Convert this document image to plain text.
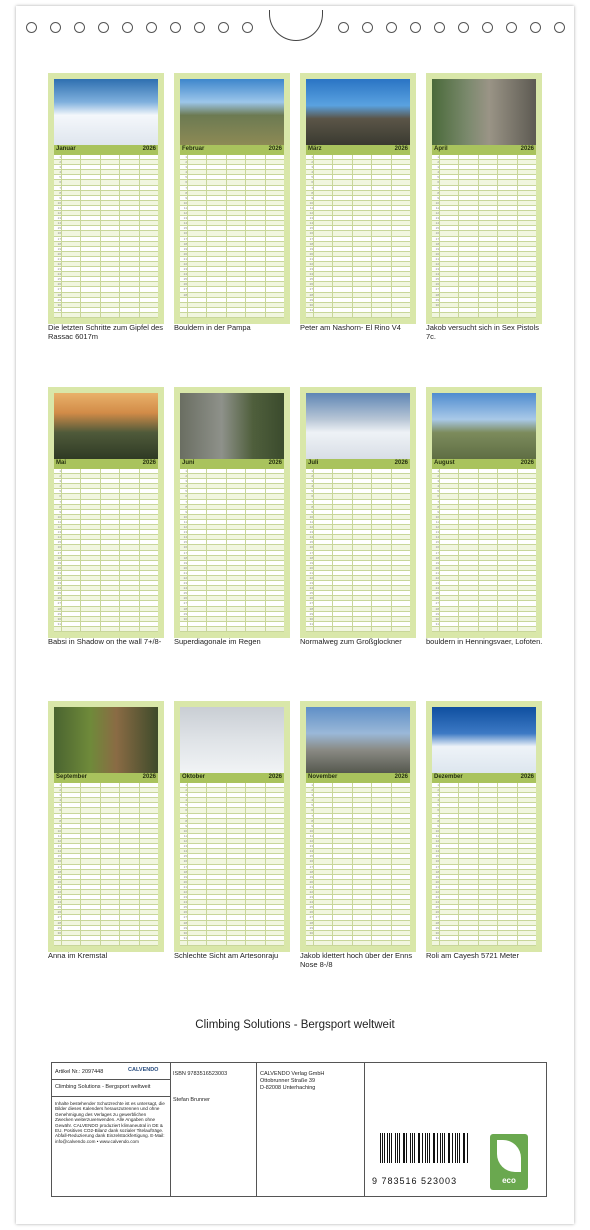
Januar	2026
1
2
3
4
5
6
7
8
9
10
11
12
13
14
15
16
17
18
19
20
21
22
23
24
25
26
27
28
29
30
31
Die letzten Schritte zum Gipfel des Rassac 6017m
Februar	2026
1
2
3
4
5
6
7
8
9
10
11
12
13
14
15
16
17
18
19
20
21
22
23
24
25
26
27
28
Bouldern in der Pampa
März	2026
1
2
3
4
5
6
7
8
9
10
11
12
13
14
15
16
17
18
19
20
21
22
23
24
25
26
27
28
29
30
31
Peter am Nashorn- El Rino V4
April	2026
1
2
3
4
5
6
7
8
9
10
11
12
13
14
15
16
17
18
19
20
21
22
23
24
25
26
27
28
29
30
Jakob versucht sich in Sex Pistols 7c.
Mai	2026
1
2
3
4
5
6
7
8
9
10
11
12
13
14
15
16
17
18
19
20
21
22
23
24
25
26
27
28
29
30
31
Babsi in Shadow on the wall 7+/8-
Juni	2026
1
2
3
4
5
6
7
8
9
10
11
12
13
14
15
16
17
18
19
20
21
22
23
24
25
26
27
28
29
30
Superdiagonale im Regen
Juli	2026
1
2
3
4
5
6
7
8
9
10
11
12
13
14
15
16
17
18
19
20
21
22
23
24
25
26
27
28
29
30
31
Normalweg zum Großglockner
August	2026
1
2
3
4
5
6
7
8
9
10
11
12
13
14
15
16
17
18
19
20
21
22
23
24
25
26
27
28
29
30
31
bouldern in Henningsvaer, Lofoten.
September	2026
1
2
3
4
5
6
7
8
9
10
11
12
13
14
15
16
17
18
19
20
21
22
23
24
25
26
27
28
29
30
Anna im Kremstal
Oktober	2026
1
2
3
4
5
6
7
8
9
10
11
12
13
14
15
16
17
18
19
20
21
22
23
24
25
26
27
28
29
30
31
Schlechte Sicht am Artesonraju
November	2026
1
2
3
4
5
6
7
8
9
10
11
12
13
14
15
16
17
18
19
20
21
22
23
24
25
26
27
28
29
30
Jakob klettert hoch über der Enns Nose 8-/8
Dezember	2026
1
2
3
4
5
6
7
8
9
10
11
12
13
14
15
16
17
18
19
20
21
22
23
24
25
26
27
28
29
30
31
Roli am Cayesh 5721 Meter
Climbing Solutions - Bergsport weltweit
Artikel Nr.: 2097448	CALVENDO
Climbing Solutions - Bergsport weltweit
Inhalte bestehender Schutzrechte ist es untersagt, die Bilder dieses Kalenders herauszutrennen und ohne Genehmigung des Verlages zu gewerblichen Zwecken weiterzuverwenden. Alle Angaben ohne Gewähr. CALVENDO produziert klimaneutral in DE & EU. Positives CO2-Bilanz dank sozialer Titelaufträge. Abfall-Reduzierung dank Einzelstückfertigung. E-Mail: info@calvendo.com • www.calvendo.com
ISBN 9783516523003
Stefan Brunner
CALVENDO Verlag GmbH
Ottobrunner Straße 39
D-82008 Unterhaching
9 783516 523003	eco
